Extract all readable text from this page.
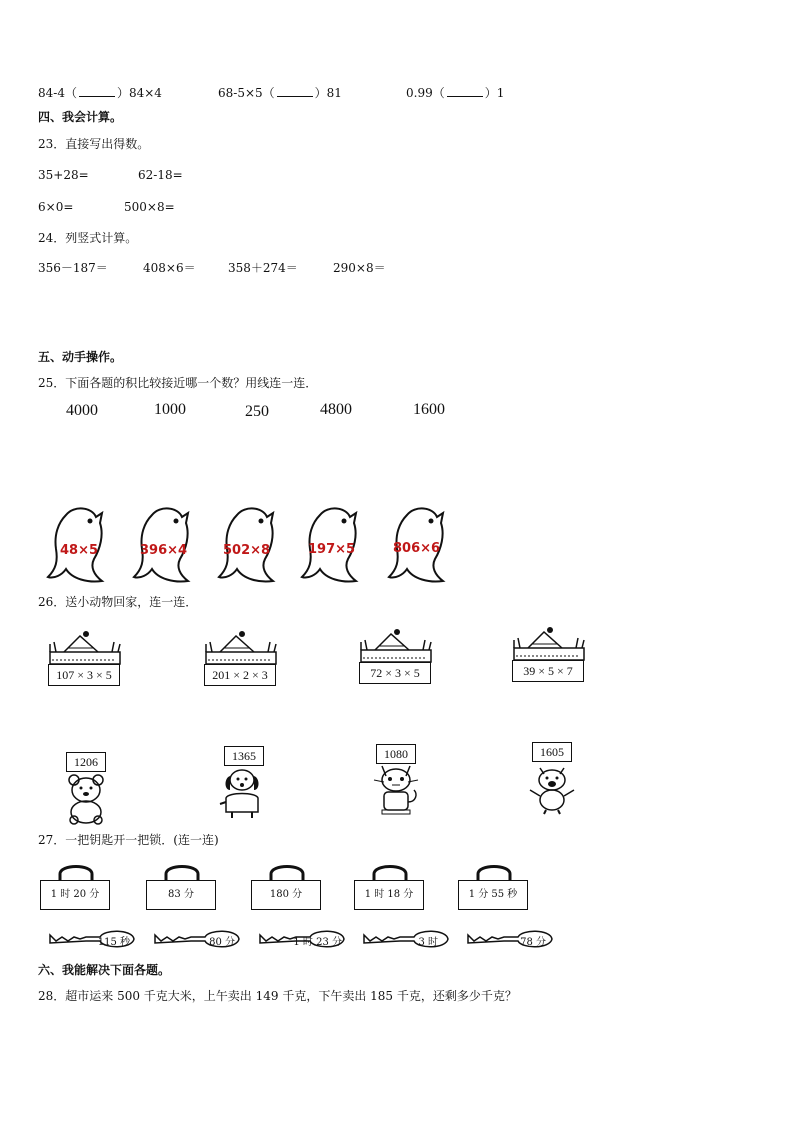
84-4（	）84×4	68-5×5（	）81	0.99（	）1
四、我会计算。
23．直接写出得数。
35+28=	62-18=
6×0=	500×8=
24．列竖式计算。
356－187＝	408×6＝	358＋274＝	290×8＝
五、动手操作。
25．下面各题的积比较接近哪一个数？用线连一连．
4000	1000	250	4800	1600
48×5	396×4	502×8	197×5	806×6
26．送小动物回家，连一连．
107 × 3 × 5	201 × 2 × 3	72 × 3 × 5	39 × 5 × 7
1206	1365	1080	1605
27．一把钥匙开一把锁．(连一连)
1 时 20 分	83 分	180 分	1 时 18 分	1 分 55 秒
115 秒	80 分	1 时 23 分	3 时	78 分
六、我能解决下面各题。
28．超市运来 500 千克大米，上午卖出 149 千克，下午卖出 185 千克，还剩多少千克？
